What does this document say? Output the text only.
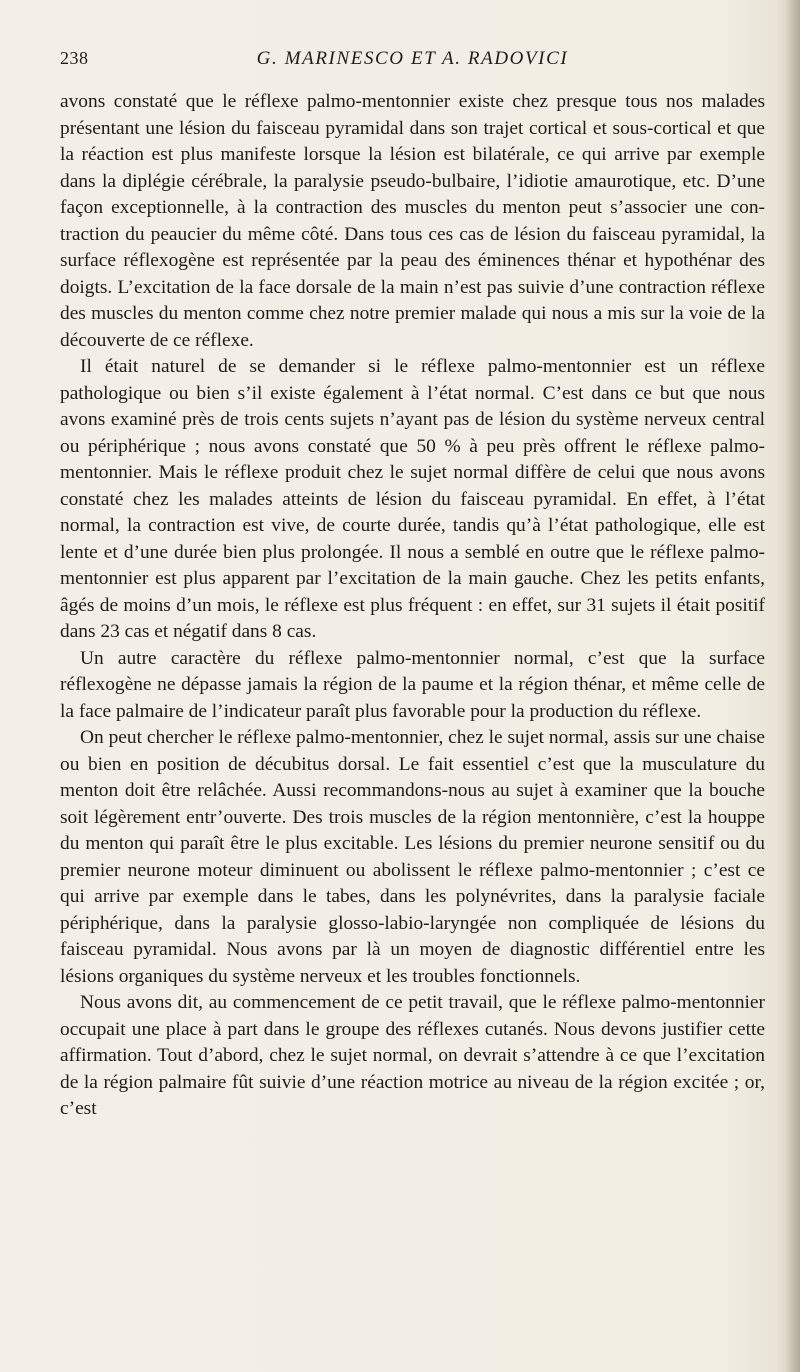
238	G. MARINESCO ET A. RADOVICI

avons constaté que le réflexe palmo-mentonnier existe chez presque tous nos malades présentant une lésion du faisceau pyramidal dans son trajet cortical et sous-cortical et que la réaction est plus manifeste lorsque la lésion est bilatérale, ce qui arrive par exemple dans la diplégie cérébrale, la paralysie pseudo-bulbaire, l’idiotie amaurotique, etc. D’une façon exceptionnelle, à la contraction des muscles du menton peut s’associer une contraction du peaucier du même côté. Dans tous ces cas de lésion du faisceau pyramidal, la surface réflexogène est représentée par la peau des éminences thénar et hypothénar des doigts. L’excitation de la face dorsale de la main n’est pas suivie d’une contraction réflexe des muscles du menton comme chez notre premier malade qui nous a mis sur la voie de la découverte de ce réflexe.

Il était naturel de se demander si le réflexe palmo-mentonnier est un réflexe pathologique ou bien s’il existe également à l’état normal. C’est dans ce but que nous avons examiné près de trois cents sujets n’ayant pas de lésion du système nerveux central ou périphérique ; nous avons constaté que 50 % à peu près offrent le réflexe palmo-mentonnier. Mais le réflexe produit chez le sujet normal diffère de celui que nous avons constaté chez les malades atteints de lésion du faisceau pyramidal. En effet, à l’état normal, la contraction est vive, de courte durée, tandis qu’à l’état pathologique, elle est lente et d’une durée bien plus prolongée. Il nous a semblé en outre que le réflexe palmo-mentonnier est plus apparent par l’excitation de la main gauche. Chez les petits enfants, âgés de moins d’un mois, le réflexe est plus fréquent : en effet, sur 31 sujets il était positif dans 23 cas et négatif dans 8 cas.

Un autre caractère du réflexe palmo-mentonnier normal, c’est que la surface réflexogène ne dépasse jamais la région de la paume et la région thénar, et même celle de la face palmaire de l’indicateur paraît plus favorable pour la production du réflexe.

On peut chercher le réflexe palmo-mentonnier, chez le sujet normal, assis sur une chaise ou bien en position de décubitus dorsal. Le fait essentiel c’est que la musculature du menton doit être relâchée. Aussi recommandons-nous au sujet à examiner que la bouche soit légèrement entr’ouverte. Des trois muscles de la région mentonnière, c’est la houppe du menton qui paraît être le plus excitable. Les lésions du premier neurone sensitif ou du premier neurone moteur diminuent ou abolissent le réflexe palmo-mentonnier ; c’est ce qui arrive par exemple dans le tabes, dans les polynévrites, dans la paralysie faciale périphérique, dans la paralysie glosso-labio-laryngée non compliquée de lésions du faisceau pyramidal. Nous avons par là un moyen de diagnostic différentiel entre les lésions organiques du système nerveux et les troubles fonctionnels.

Nous avons dit, au commencement de ce petit travail, que le réflexe palmo-mentonnier occupait une place à part dans le groupe des réflexes cutanés. Nous devons justifier cette affirmation. Tout d’abord, chez le sujet normal, on devrait s’attendre à ce que l’excitation de la région palmaire fût suivie d’une réaction motrice au niveau de la région excitée ; or, c’est
